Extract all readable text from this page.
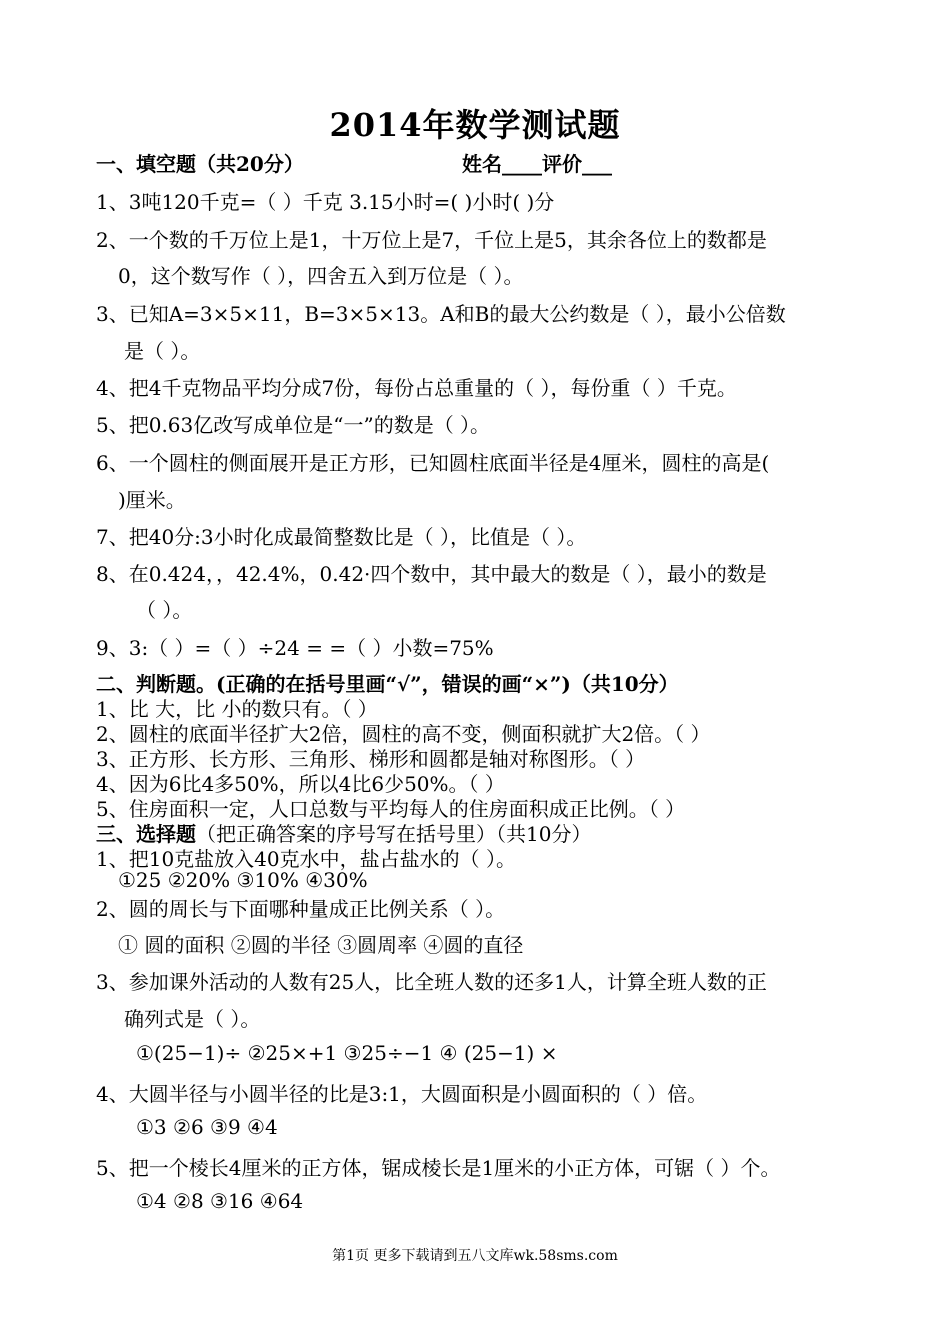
2014年数学测试题
一、填空题（共20分）	姓名____评价___
1、3吨120千克=（ ）千克 3.15小时=( )小时( )分
2、一个数的千万位上是1，十万位上是7，千位上是5，其余各位上的数都是
0，这个数写作（ ），四舍五入到万位是（ ）。
3、已知A=3×5×11，B=3×5×13。A和B的最大公约数是（ ），最小公倍数
是（ ）。
4、把4千克物品平均分成7份，每份占总重量的（ ），每份重（ ）千克。
5、把0.63亿改写成单位是“一”的数是（ ）。
6、一个圆柱的侧面展开是正方形，已知圆柱底面半径是4厘米，圆柱的高是(
)厘米。
7、把40分:3小时化成最简整数比是（ ），比值是（ ）。
8、在0.424，，42.4%，0.42·四个数中，其中最大的数是（ ），最小的数是
（ ）。
9、3:（ ）=（ ）÷24 = =（ ）小数=75%
二、判断题。(正确的在括号里画“√”，错误的画“×”)（共10分）
1、比 大，比 小的数只有。（ ）
2、圆柱的底面半径扩大2倍，圆柱的高不变，侧面积就扩大2倍。（ ）
3、正方形、长方形、三角形、梯形和圆都是轴对称图形。（ ）
4、因为6比4多50%，所以4比6少50%。（ ）
5、住房面积一定，人口总数与平均每人的住房面积成正比例。（ ）
三、选择题（把正确答案的序号写在括号里）（共10分）
1、把10克盐放入40克水中，盐占盐水的（ ）。
①25 ②20% ③10% ④30%
2、圆的周长与下面哪种量成正比例关系（ ）。
① 圆的面积 ②圆的半径 ③圆周率 ④圆的直径
3、参加课外活动的人数有25人，比全班人数的还多1人，计算全班人数的正
确列式是（ ）。
①(25−1)÷ ②25×+1 ③25÷−1 ④ (25−1) ×
4、大圆半径与小圆半径的比是3:1，大圆面积是小圆面积的（ ）倍。
①3 ②6 ③9 ④4
5、把一个棱长4厘米的正方体，锯成棱长是1厘米的小正方体，可锯（ ）个。
①4 ②8 ③16 ④64
第1页 更多下载请到五八文库wk.58sms.com
